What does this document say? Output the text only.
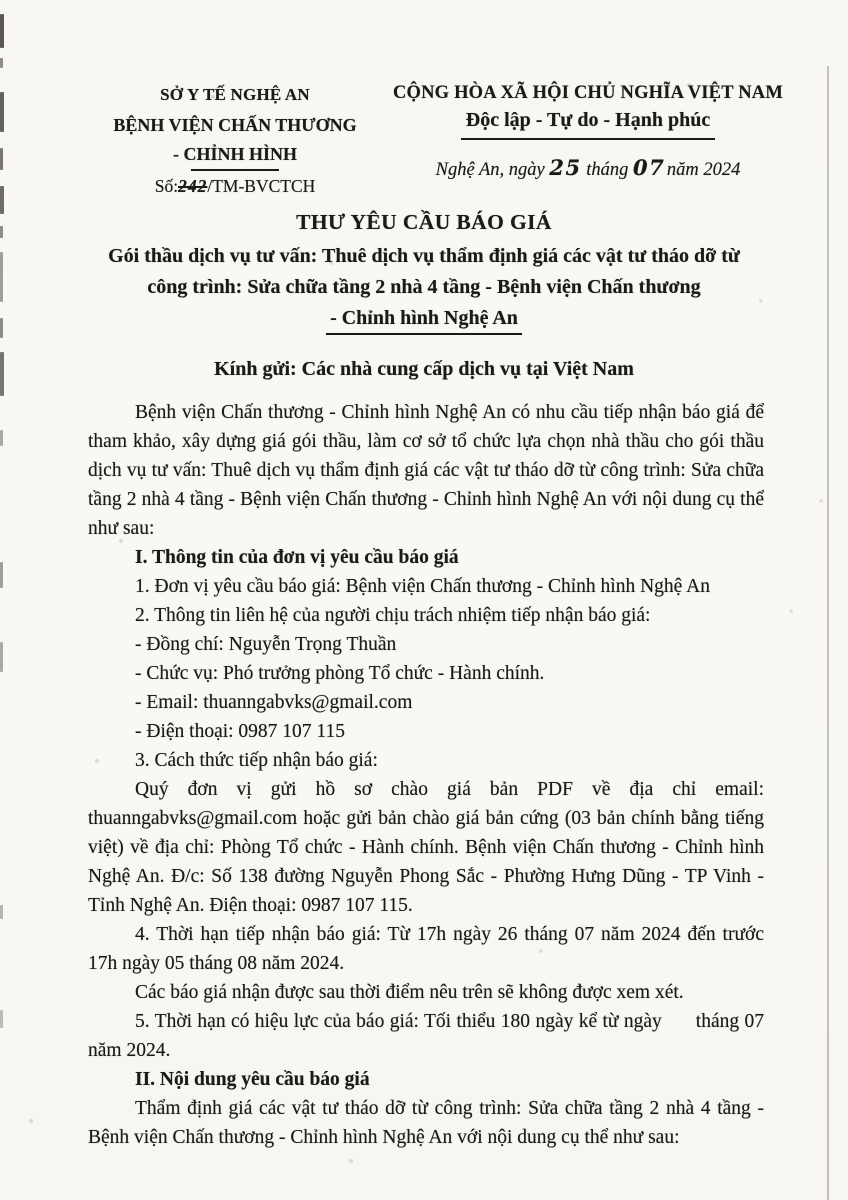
SỞ Y TẾ NGHỆ AN
BỆNH VIỆN CHẤN THƯƠNG
- CHỈNH HÌNH
Số:242/TM-BVCTCH
CỘNG HÒA XÃ HỘI CHỦ NGHĨA VIỆT NAM
Độc lập - Tự do - Hạnh phúc
Nghệ An, ngày 25 tháng 07 năm 2024
THƯ YÊU CẦU BÁO GIÁ
Gói thầu dịch vụ tư vấn: Thuê dịch vụ thẩm định giá các vật tư tháo dỡ từ
công trình: Sửa chữa tầng 2 nhà 4 tầng - Bệnh viện Chấn thương
- Chỉnh hình Nghệ An
Kính gửi: Các nhà cung cấp dịch vụ tại Việt Nam

Bệnh viện Chấn thương - Chỉnh hình Nghệ An có nhu cầu tiếp nhận báo giá để tham khảo, xây dựng giá gói thầu, làm cơ sở tổ chức lựa chọn nhà thầu cho gói thầu dịch vụ tư vấn: Thuê dịch vụ thẩm định giá các vật tư tháo dỡ từ công trình: Sửa chữa tầng 2 nhà 4 tầng - Bệnh viện Chấn thương - Chỉnh hình Nghệ An với nội dung cụ thể như sau:

I. Thông tin của đơn vị yêu cầu báo giá

1. Đơn vị yêu cầu báo giá: Bệnh viện Chấn thương - Chỉnh hình Nghệ An

2. Thông tin liên hệ của người chịu trách nhiệm tiếp nhận báo giá:

- Đồng chí: Nguyễn Trọng Thuần

- Chức vụ: Phó trưởng phòng Tổ chức - Hành chính.

- Email: thuanngabvks@gmail.com

- Điện thoại: 0987 107 115

3. Cách thức tiếp nhận báo giá:

Quý đơn vị gửi hồ sơ chào giá bản PDF về địa chỉ email: thuanngabvks@gmail.com hoặc gửi bản chào giá bản cứng (03 bản chính bằng tiếng việt) về địa chỉ: Phòng Tổ chức - Hành chính. Bệnh viện Chấn thương - Chỉnh hình Nghệ An. Đ/c: Số 138 đường Nguyễn Phong Sắc - Phường Hưng Dũng - TP Vinh - Tỉnh Nghệ An. Điện thoại: 0987 107 115.

4. Thời hạn tiếp nhận báo giá: Từ 17h ngày 26 tháng 07 năm 2024 đến trước 17h ngày 05 tháng 08 năm 2024.

Các báo giá nhận được sau thời điểm nêu trên sẽ không được xem xét.

5. Thời hạn có hiệu lực của báo giá: Tối thiểu 180 ngày kể từ ngày tháng 07 năm 2024.

II. Nội dung yêu cầu báo giá

Thẩm định giá các vật tư tháo dỡ từ công trình: Sửa chữa tầng 2 nhà 4 tầng - Bệnh viện Chấn thương - Chỉnh hình Nghệ An với nội dung cụ thể như sau:
